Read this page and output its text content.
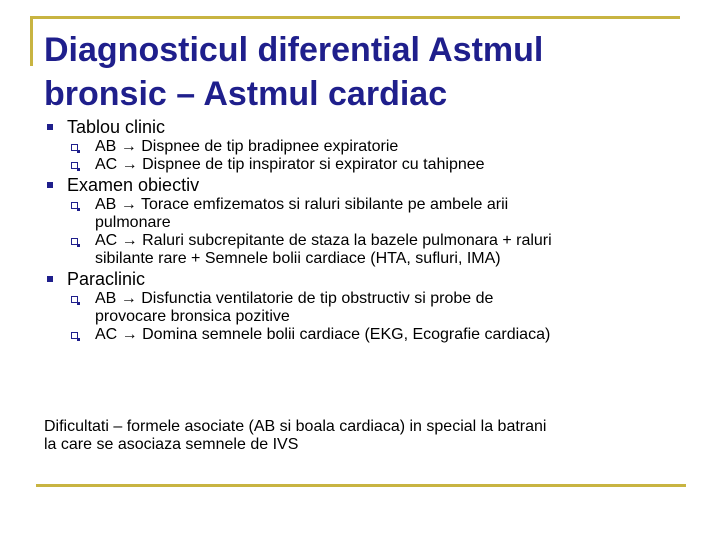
Diagnosticul diferential Astmul
bronsic – Astmul cardiac
Tablou clinic
AB → Dispnee de tip bradipnee expiratorie
AC → Dispnee de tip inspirator si expirator cu tahipnee
Examen obiectiv
AB → Torace emfizematos si raluri sibilante pe ambele arii
pulmonare
AC → Raluri subcrepitante de staza la bazele pulmonara + raluri
sibilante rare + Semnele bolii cardiace (HTA, sufluri, IMA)
Paraclinic
AB → Disfunctia ventilatorie de tip obstructiv si probe de
provocare bronsica pozitive
AC → Domina semnele bolii cardiace (EKG, Ecografie cardiaca)

Dificultati – formele asociate (AB si boala cardiaca) in special la batrani
la care se asociaza semnele de IVS
